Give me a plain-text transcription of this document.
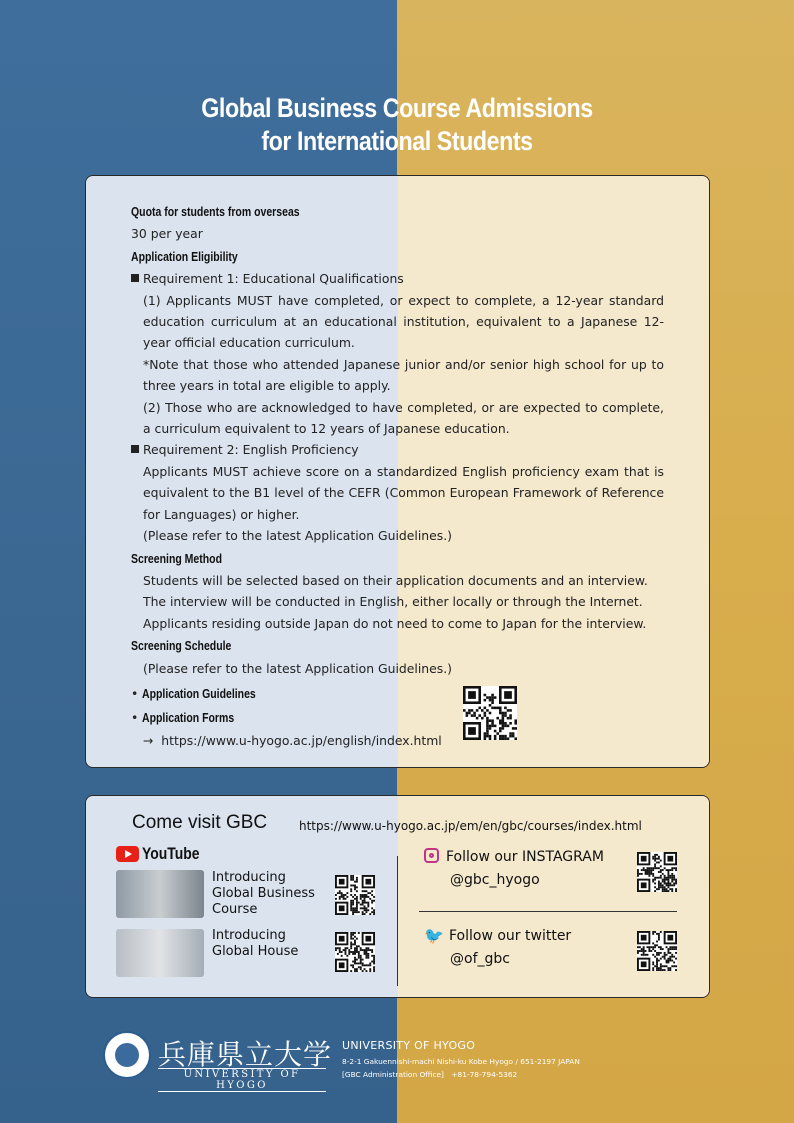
Global Business Course Admissions
for International Students
Quota for students from overseas
30 per year
Application Eligibility
Requirement 1: Educational Qualifications
(1) Applicants MUST have completed, or expect to complete, a 12-year standard education curriculum at an educational institution, equivalent to a Japanese 12-year official education curriculum.
*Note that those who attended Japanese junior and/or senior high school for up to three years in total are eligible to apply.
(2) Those who are acknowledged to have completed, or are expected to complete, a curriculum equivalent to 12 years of Japanese education.
Requirement 2: English Proficiency
Applicants MUST achieve score on a standardized English proficiency exam that is equivalent to the B1 level of the CEFR (Common European Framework of Reference for Languages) or higher.
(Please refer to the latest Application Guidelines.)
Screening Method
Students will be selected based on their application documents and an interview.
The interview will be conducted in English, either locally or through the Internet.
Applicants residing outside Japan do not need to come to Japan for the interview.
Screening Schedule
(Please refer to the latest Application Guidelines.)
• Application Guidelines
• Application Forms
→ https://www.u-hyogo.ac.jp/english/index.html
Come visit GBC	https://www.u-hyogo.ac.jp/em/en/gbc/courses/index.html
YouTube
Introducing
Global Business
Course
Introducing
Global House
Follow our INSTAGRAM
@gbc_hyogo
🐦 Follow our twitter
@of_gbc
兵庫県立大学
UNIVERSITY OF HYOGO
UNIVERSITY OF HYOGO
8-2-1 Gakuennishi-machi Nishi-ku Kobe Hyogo / 651-2197 JAPAN
[GBC Administration Office]　+81-78-794-5362
